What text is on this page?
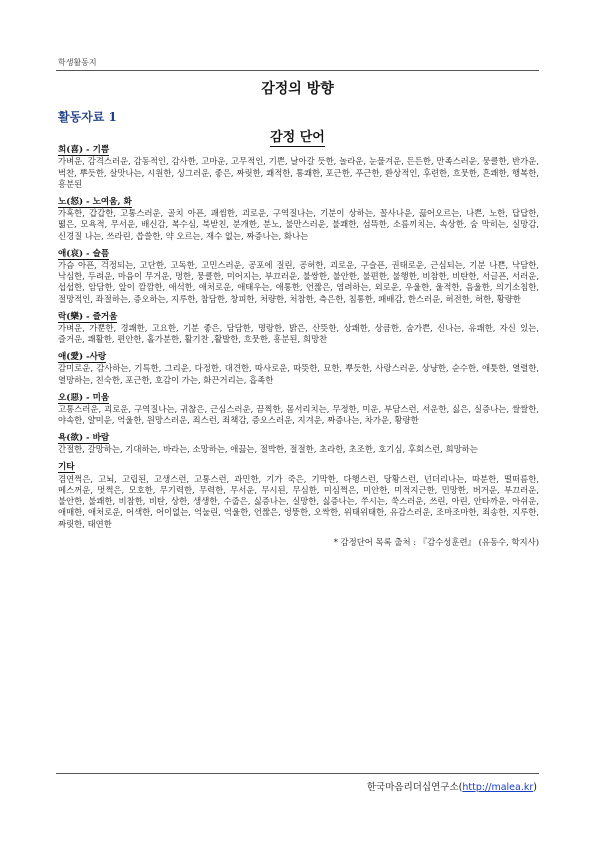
학생활동지
감정의 방향
활동자료 1
감정 단어
희(喜) - 기쁨
가벼운, 감격스러운, 감동적인, 감사한, 고마운, 고무적인, 기쁜, 날아갈 듯한, 놀라운, 눈물겨운, 든든한, 만족스러운, 뭉클한, 반가운, 벅찬, 뿌듯한, 살맛나는, 시원한, 싱그러운, 좋은, 짜릿한, 쾌적한, 통쾌한, 포근한, 푸근한, 환상적인, 후련한, 흐뭇한, 흔쾌한, 행복한, 흥분된
노(怒) - 노여움, 화
가혹한, 갑갑한, 고통스러운, 골치 아픈, 괘씸한, 괴로운, 구역질나는, 기분이 상하는, 꼴사나운, 끓어오르는, 나쁜, 노한, 답답한, 떫은, 모욕적, 무서운, 배신감, 복수심, 북받친, 분개한, 분노, 불만스러운, 불쾌한, 섬뜩한, 소름끼치는, 속상한, 숨 막히는, 실망감, 신경질 나는, 쓰라린, 씁쓸한, 약 오르는, 재수 없는, 짜증나는, 화나는
애(哀) - 슬픔
가슴 아픈, 걱정되는, 고단한, 고독한, 고민스러운, 공포에 질린, 공허한, 괴로운, 구슬픈, 권태로운, 근심되는, 기분 나쁜, 낙담한, 낙심한, 두려운, 마음이 무거운, 멍한, 뭉클한, 미어지는, 부끄러운, 불쌍한, 불안한, 불편한, 불행한, 비참한, 비탄한, 서글픈, 서러운, 섭섭한, 암담한, 앞이 깜깜한, 애석한, 애처로운, 애태우는, 애통한, 언짢은, 염려하는, 외로운, 우울한, 울적한, 음울한, 의기소침한, 절망적인, 좌절하는, 증오하는, 지루한, 참담한, 창피한, 처량한, 처참한, 측은한, 침통한, 패배감, 한스러운, 허전한, 허한, 황량한
락(樂) - 즐거움
가벼운, 가뿐한, 경쾌한, 고요한, 기분 좋은, 담담한, 명랑한, 밝은, 산뜻한, 상쾌한, 상큼한, 숨가쁜, 신나는, 유쾌한, 자신 있는, 즐거운, 쾌활한, 편안한, 홀가분한, 활기찬 ,활발한, 흐뭇한, 흥분된, 희망찬
애(愛) -사랑
감미로운, 감사하는, 기특한, 그리운, 다정한, 대견한, 따사로운, 따뜻한, 묘한, 뿌듯한, 사랑스러운, 상냥한, 순수한, 애틋한, 열렬한, 열망하는, 친숙한, 포근한, 호감이 가는, 화끈거리는, 흡족한
오(惡) - 미움
고통스러운, 괴로운, 구역질나는, 귀찮은, 근심스러운, 끔찍한, 몸서리치는, 무정한, 미운, 부담스런, 서운한, 싫은, 실증나는, 쌀쌀한, 야속한, 얄미운, 억울한, 원망스러운, 죄스런, 죄책감, 증오스러운, 지겨운, 짜증나는, 차가운, 황량한
욕(欲) - 바람
간절한, 갈망하는, 기대하는, 바라는, 소망하는, 애끓는, 절박한, 절절한, 초라한, 초조한, 호기심, 후회스런, 희망하는
기타
겸연쩍은, 고뇌, 고립된, 고생스런, 고통스런, 과민한, 기가 죽은, 기막한, 다행스런, 당황스런, 넌더리나는, 따분한, 떨떠름한, 메스꺼운, 멋쩍은, 모호한, 무기력한, 무력한, 무서운, 무시된, 무심한, 미심쩍은, 미안한, 미적지근한, 민망한, 버거운, 부끄러운, 불안한, 불쾌한, 비참한, 비탄, 상한, 생생한, 수줍은, 싫증나는, 실망한, 싫증나는, 쑤시는, 쑥스러운, 쓰린, 아린, 안타까운, 아쉬운, 애매한, 애처로운, 어색한, 어이없는, 억눌린, 억울한, 언짢은, 엉뚱한, 오싹한, 위태위태한, 유감스러운, 조마조마한, 죄송한, 지루한, 짜릿한, 태연한
* 감정단어 목록 출처 : 『감수성훈련』 (유동수, 학지사)
한국마음리더십연구소(http://malea.kr)
